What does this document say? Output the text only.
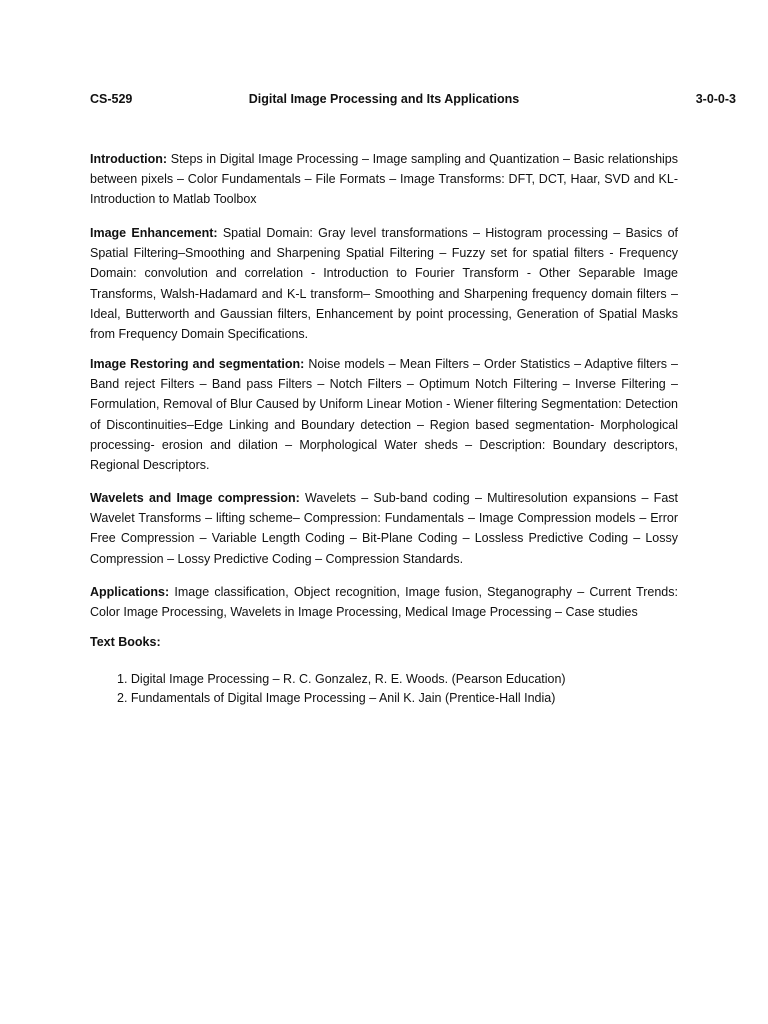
CS-529	Digital Image Processing and Its Applications	3-0-0-3

Introduction: Steps in Digital Image Processing – Image sampling and Quantization – Basic relationships between pixels – Color Fundamentals – File Formats – Image Transforms: DFT, DCT, Haar, SVD and KL- Introduction to Matlab Toolbox

Image Enhancement: Spatial Domain: Gray level transformations – Histogram processing – Basics of Spatial Filtering–Smoothing and Sharpening Spatial Filtering – Fuzzy set for spatial filters - Frequency Domain: convolution and correlation - Introduction to Fourier Transform - Other Separable Image Transforms, Walsh-Hadamard and K-L transform– Smoothing and Sharpening frequency domain filters – Ideal, Butterworth and Gaussian filters, Enhancement by point processing, Generation of Spatial Masks from Frequency Domain Specifications.

Image Restoring and segmentation: Noise models – Mean Filters – Order Statistics – Adaptive filters – Band reject Filters – Band pass Filters – Notch Filters – Optimum Notch Filtering – Inverse Filtering – Formulation, Removal of Blur Caused by Uniform Linear Motion - Wiener filtering Segmentation: Detection of Discontinuities–Edge Linking and Boundary detection – Region based segmentation- Morphological processing- erosion and dilation – Morphological Water sheds – Description: Boundary descriptors, Regional Descriptors.

Wavelets and Image compression: Wavelets – Sub-band coding – Multiresolution expansions – Fast Wavelet Transforms – lifting scheme– Compression: Fundamentals – Image Compression models – Error Free Compression – Variable Length Coding – Bit-Plane Coding – Lossless Predictive Coding – Lossy Compression – Lossy Predictive Coding – Compression Standards.

Applications: Image classification, Object recognition, Image fusion, Steganography – Current Trends: Color Image Processing, Wavelets in Image Processing, Medical Image Processing – Case studies

Text Books:
1. Digital Image Processing – R. C. Gonzalez, R. E. Woods. (Pearson Education)
2. Fundamentals of Digital Image Processing – Anil K. Jain (Prentice-Hall India)
